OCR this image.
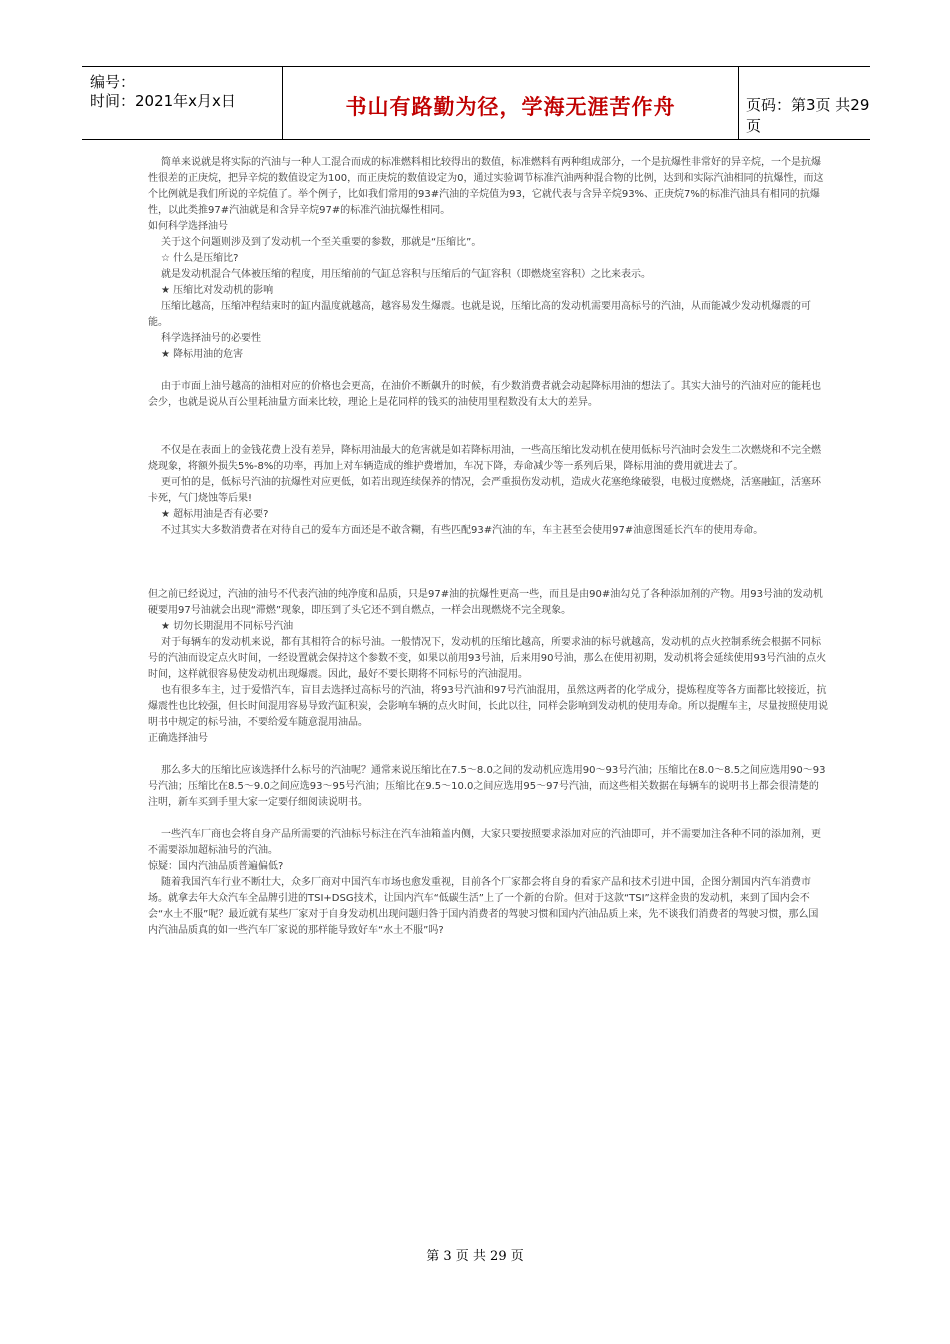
编号：
时间：2021年x月x日	书山有路勤为径，学海无涯苦作舟	页码：第3页 共29页

简单来说就是将实际的汽油与一种人工混合而成的标准燃料相比较得出的数值，标准燃料有两种组成部分，一个是抗爆性非常好的异辛烷，一个是抗爆性很差的正庚烷，把异辛烷的数值设定为100，而正庚烷的数值设定为0，通过实验调节标准汽油两种混合物的比例，达到和实际汽油相同的抗爆性，而这个比例就是我们所说的辛烷值了。举个例子，比如我们常用的93#汽油的辛烷值为93，它就代表与含异辛烷93%、正庚烷7%的标准汽油具有相同的抗爆性，以此类推97#汽油就是和含异辛烷97#的标准汽油抗爆性相同。

如何科学选择油号

关于这个问题则涉及到了发动机一个至关重要的参数，那就是“压缩比”。

☆ 什么是压缩比?

就是发动机混合气体被压缩的程度，用压缩前的气缸总容积与压缩后的气缸容积（即燃烧室容积）之比来表示。

★ 压缩比对发动机的影响

压缩比越高，压缩冲程结束时的缸内温度就越高，越容易发生爆震。也就是说，压缩比高的发动机需要用高标号的汽油，从而能减少发动机爆震的可能。

科学选择油号的必要性

★ 降标用油的危害

由于市面上油号越高的油相对应的价格也会更高，在油价不断飙升的时候，有少数消费者就会动起降标用油的想法了。其实大油号的汽油对应的能耗也会少，也就是说从百公里耗油量方面来比较，理论上是花同样的钱买的油使用里程数没有太大的差异。

不仅是在表面上的金钱花费上没有差异，降标用油最大的危害就是如若降标用油，一些高压缩比发动机在使用低标号汽油时会发生二次燃烧和不完全燃烧现象，将额外损失5%-8%的功率，再加上对车辆造成的维护费增加，车况下降，寿命减少等一系列后果，降标用油的费用就进去了。

更可怕的是，低标号汽油的抗爆性对应更低，如若出现连续保养的情况，会严重损伤发动机，造成火花塞绝缘破裂，电极过度燃烧，活塞融缸，活塞环卡死，气门烧蚀等后果!

★ 超标用油是否有必要?

不过其实大多数消费者在对待自己的爱车方面还是不敢含糊，有些匹配93#汽油的车，车主甚至会使用97#油意图延长汽车的使用寿命。

但之前已经说过，汽油的油号不代表汽油的纯净度和品质，只是97#油的抗爆性更高一些，而且是由90#油勾兑了各种添加剂的产物。用93号油的发动机硬要用97号油就会出现“滞燃”现象，即压到了头它还不到自燃点，一样会出现燃烧不完全现象。

★ 切勿长期混用不同标号汽油

对于每辆车的发动机来说，都有其相符合的标号油。一般情况下，发动机的压缩比越高，所要求油的标号就越高，发动机的点火控制系统会根据不同标号的汽油而设定点火时间，一经设置就会保持这个参数不变，如果以前用93号油，后来用90号油，那么在使用初期，发动机将会延续使用93号汽油的点火时间，这样就很容易使发动机出现爆震。因此，最好不要长期将不同标号的汽油混用。

也有很多车主，过于爱惜汽车，盲目去选择过高标号的汽油，将93号汽油和97号汽油混用，虽然这两者的化学成分，提炼程度等各方面都比较接近，抗爆震性也比较强，但长时间混用容易导致汽缸积炭，会影响车辆的点火时间，长此以往，同样会影响到发动机的使用寿命。所以提醒车主，尽量按照使用说明书中规定的标号油，不要给爱车随意混用油品。

正确选择油号

那么多大的压缩比应该选择什么标号的汽油呢？通常来说压缩比在7.5～8.0之间的发动机应选用90～93号汽油；压缩比在8.0～8.5之间应选用90～93号汽油；压缩比在8.5～9.0之间应选93～95号汽油；压缩比在9.5～10.0之间应选用95～97号汽油，而这些相关数据在每辆车的说明书上都会很清楚的注明，新车买到手里大家一定要仔细阅读说明书。

一些汽车厂商也会将自身产品所需要的汽油标号标注在汽车油箱盖内侧，大家只要按照要求添加对应的汽油即可，并不需要加注各种不同的添加剂，更不需要添加超标油号的汽油。

惊疑：国内汽油品质普遍偏低?

随着我国汽车行业不断壮大，众多厂商对中国汽车市场也愈发重视，目前各个厂家都会将自身的看家产品和技术引进中国，企图分割国内汽车消费市场。就拿去年大众汽车全品牌引进的TSI+DSG技术，让国内汽车“低碳生活”上了一个新的台阶。但对于这款“TSI”这样金贵的发动机，来到了国内会不会“水土不服”呢？最近就有某些厂家对于自身发动机出现问题归咎于国内消费者的驾驶习惯和国内汽油品质上来，先不谈我们消费者的驾驶习惯，那么国内汽油品质真的如一些汽车厂家说的那样能导致好车“水土不服”吗?

第 3 页 共 29 页
